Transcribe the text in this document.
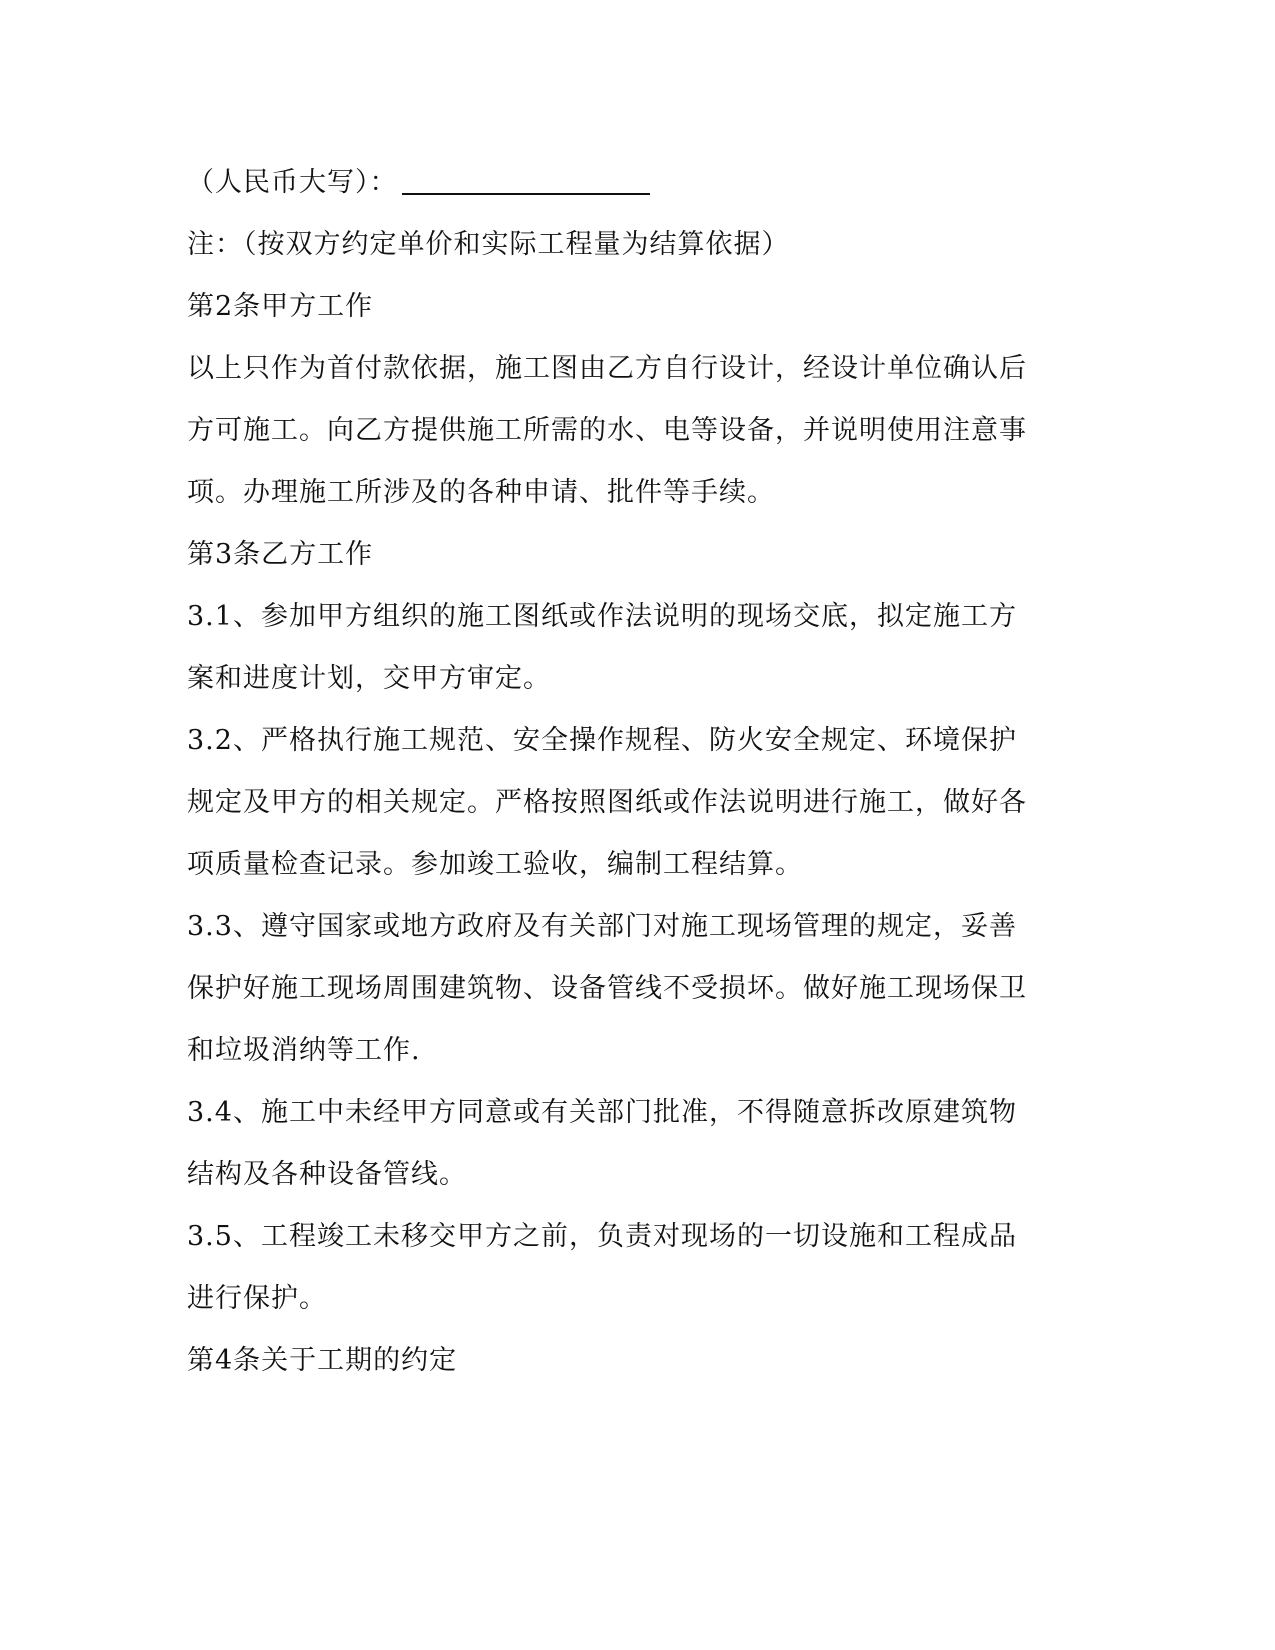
（人民币大写）：
注：（按双方约定单价和实际工程量为结算依据）
第2条甲方工作
以上只作为首付款依据，施工图由乙方自行设计，经设计单位确认后
方可施工。向乙方提供施工所需的水、电等设备，并说明使用注意事
项。办理施工所涉及的各种申请、批件等手续。
第3条乙方工作
3.1、参加甲方组织的施工图纸或作法说明的现场交底，拟定施工方
案和进度计划，交甲方审定。
3.2、严格执行施工规范、安全操作规程、防火安全规定、环境保护
规定及甲方的相关规定。严格按照图纸或作法说明进行施工，做好各
项质量检查记录。参加竣工验收，编制工程结算。
3.3、遵守国家或地方政府及有关部门对施工现场管理的规定，妥善
保护好施工现场周围建筑物、设备管线不受损坏。做好施工现场保卫
和垃圾消纳等工作.
3.4、施工中未经甲方同意或有关部门批准，不得随意拆改原建筑物
结构及各种设备管线。
3.5、工程竣工未移交甲方之前，负责对现场的一切设施和工程成品
进行保护。
第4条关于工期的约定
